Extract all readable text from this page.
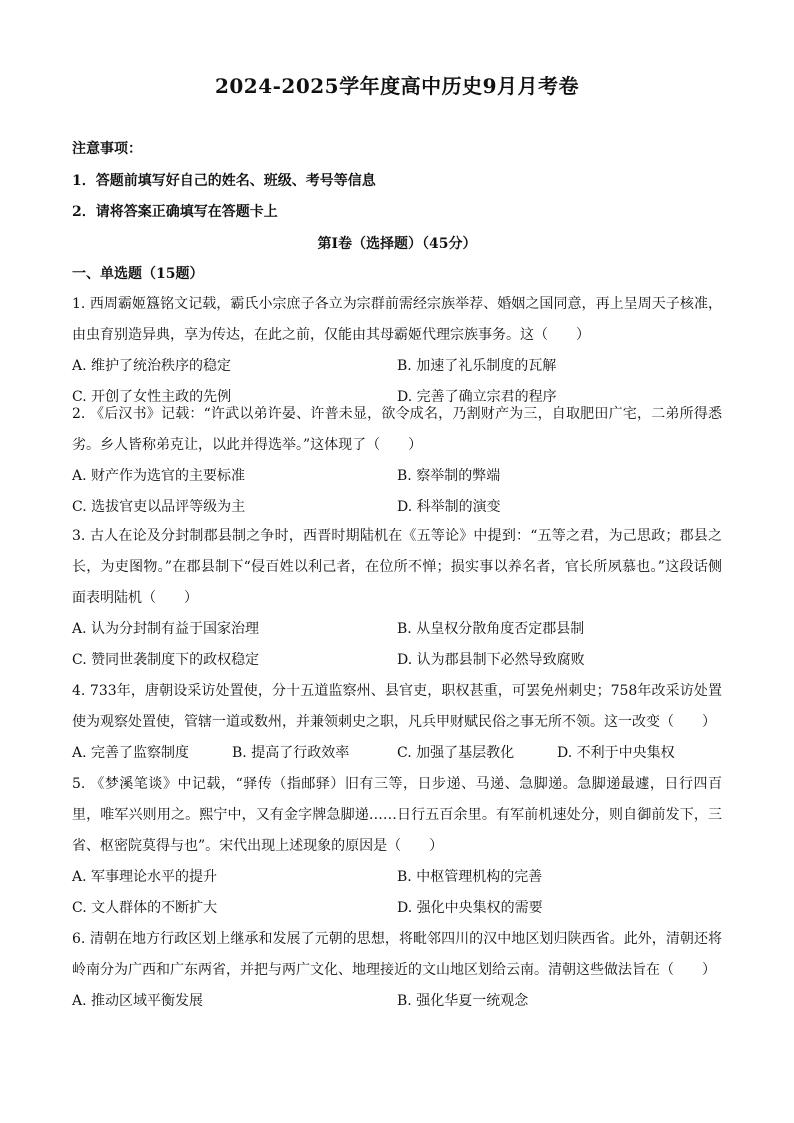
2024-2025学年度高中历史9月月考卷
注意事项：
1．答题前填写好自己的姓名、班级、考号等信息
2．请将答案正确填写在答题卡上
第Ⅰ卷（选择题）（45分）
一、单选题（15题）

1. 西周霸姬簋铭文记载，霸氏小宗庶子各立为宗群前需经宗族举荐、婚姻之国同意，再上呈周天子核准，由虫育别造异典，享为传达，在此之前，仅能由其母霸姬代理宗族事务。这（　　）

A. 维护了统治秩序的稳定	B. 加速了礼乐制度的瓦解
C. 开创了女性主政的先例	D. 完善了确立宗君的程序

2. 《后汉书》记载：“许武以弟许晏、许普未显，欲令成名，乃割财产为三，自取肥田广宅，二弟所得悉劣。乡人皆称弟克让，以此并得选举。”这体现了（　　）

A. 财产作为选官的主要标准	B. 察举制的弊端
C. 选拔官吏以品评等级为主	D. 科举制的演变

3. 古人在论及分封制郡县制之争时，西晋时期陆机在《五等论》中提到：“五等之君，为己思政；郡县之长，为吏图物。”在郡县制下“侵百姓以利己者，在位所不惮；损实事以养名者，官长所夙慕也。”这段话侧面表明陆机（　　）

A. 认为分封制有益于国家治理	B. 从皇权分散角度否定郡县制
C. 赞同世袭制度下的政权稳定	D. 认为郡县制下必然导致腐败

4. 733年，唐朝设采访处置使，分十五道监察州、县官吏，职权甚重，可罢免州刺史；758年改采访处置使为观察处置使，管辖一道或数州，并兼领刺史之职，凡兵甲财赋民俗之事无所不领。这一改变（　　）

A. 完善了监察制度	B. 提高了行政效率	C. 加强了基层教化	D. 不利于中央集权

5. 《梦溪笔谈》中记载，“驿传（指邮驿）旧有三等，日步递、马递、急脚递。急脚递最遽，日行四百里，唯军兴则用之。熙宁中，又有金字牌急脚递……日行五百余里。有军前机速处分，则自御前发下，三省、枢密院莫得与也”。宋代出现上述现象的原因是（　　）

A. 军事理论水平的提升	B. 中枢管理机构的完善
C. 文人群体的不断扩大	D. 强化中央集权的需要

6. 清朝在地方行政区划上继承和发展了元朝的思想，将毗邻四川的汉中地区划归陕西省。此外，清朝还将岭南分为广西和广东两省，并把与两广文化、地理接近的文山地区划给云南。清朝这些做法旨在（　　）

A. 推动区域平衡发展	B. 强化华夏一统观念
